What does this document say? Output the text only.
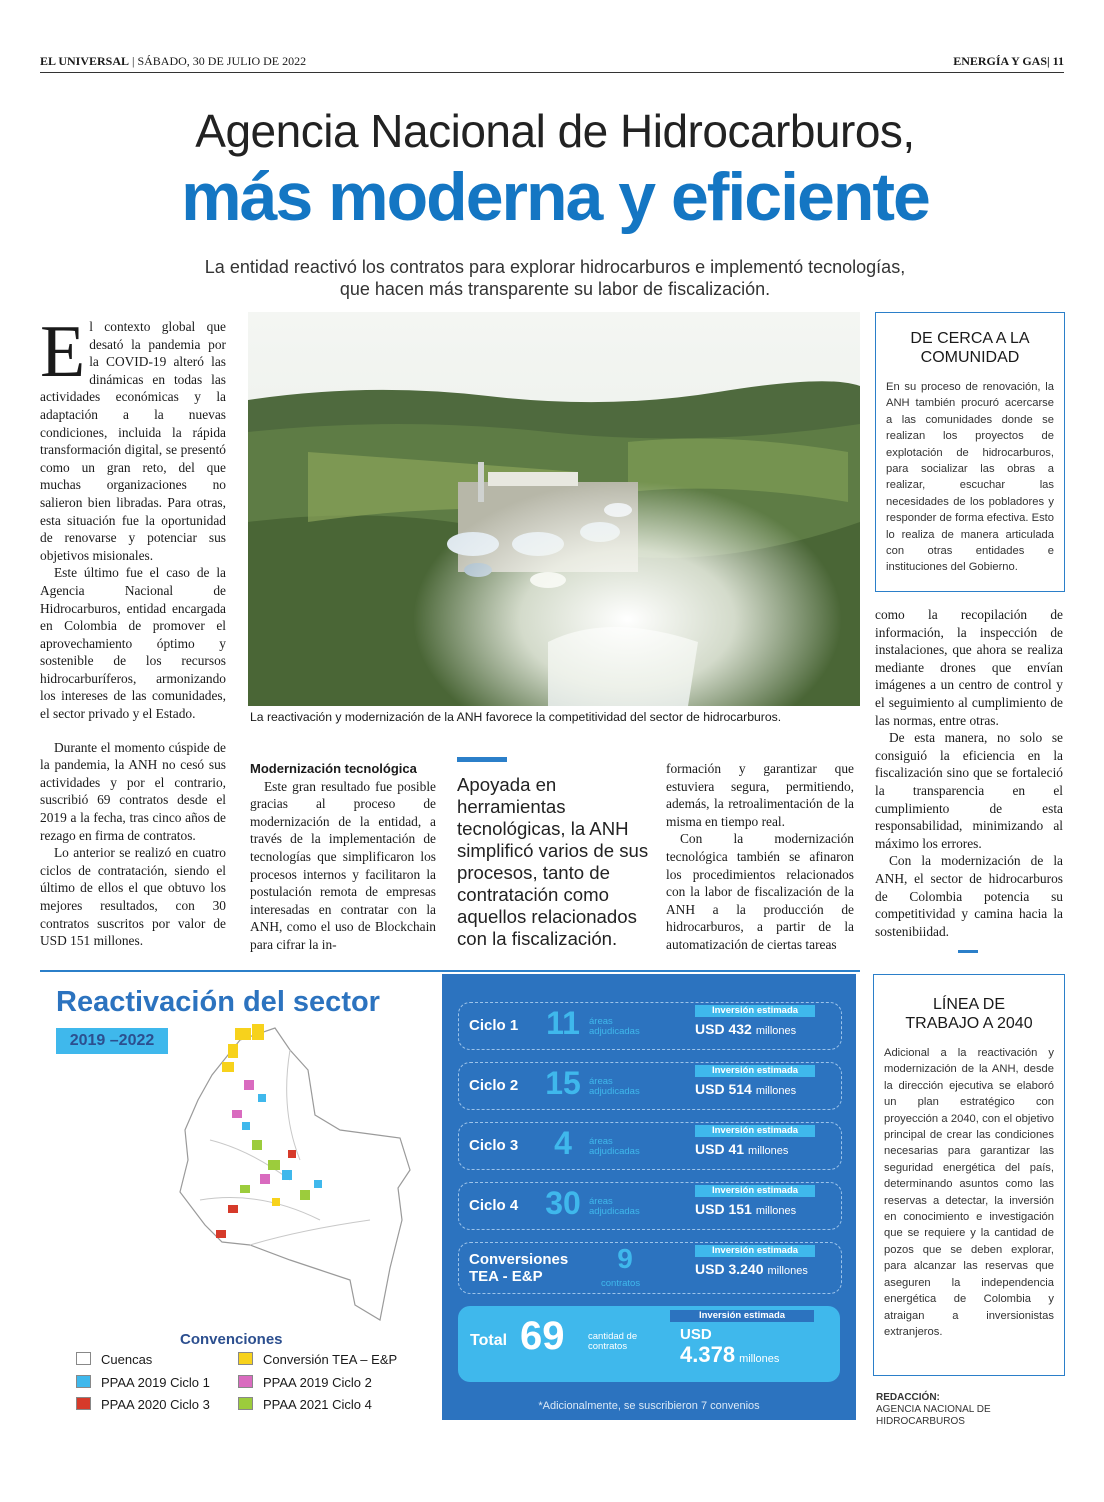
EL UNIVERSAL | SÁBADO, 30 DE JULIO DE 2022	ENERGÍA Y GAS| 11
Agencia Nacional de Hidrocarburos,
más moderna y eficiente
La entidad reactivó los contratos para explorar hidrocarburos e implementó tecnologías,
que hacen más transparente su labor de fiscalización.

El contexto global que desató la pandemia por la COVID-19 alteró las dinámicas en todas las actividades económicas y la adaptación a la nuevas condiciones, incluida la rápida transformación digital, se presentó como un gran reto, del que muchas organizaciones no salieron bien libradas. Para otras, esta situación fue la oportunidad de renovarse y potenciar sus objetivos misionales.

Este último fue el caso de la Agencia Nacional de Hidrocarburos, entidad encargada en Colombia de promover el aprovechamiento óptimo y sostenible de los recursos hidrocarburíferos, armonizando los intereses de las comunidades, el sector privado y el Estado.

Durante el momento cúspide de la pandemia, la ANH no cesó sus actividades y por el contrario, suscribió 69 contratos desde el 2019 a la fecha, tras cinco años de rezago en firma de contratos.

Lo anterior se realizó en cuatro ciclos de contratación, siendo el último de ellos el que obtuvo los mejores resultados, con 30 contratos suscritos por valor de USD 151 millones.

La reactivación y modernización de la ANH favorece la competitividad del sector de hidrocarburos.
DE CERCA A LA COMUNIDAD
En su proceso de renovación, la ANH también procuró acercarse a las comunidades donde se realizan los proyectos de explotación de hidrocarburos, para socializar las obras a realizar, escuchar las necesidades de los pobladores y responder de forma efectiva. Esto lo realiza de manera articulada con otras entidades e instituciones del Gobierno.
Modernización tecnológica

Este gran resultado fue posible gracias al proceso de modernización de la entidad, a través de la implementación de tecnologías que simplificaron los procesos internos y facilitaron la postulación remota de empresas interesadas en contratar con la ANH, como el uso de Blockchain para cifrar la in-

Apoyada en herramientas tecnológicas, la ANH simplificó varios de sus procesos, tanto de contratación como aquellos relacionados con la fiscalización.

formación y garantizar que estuviera segura, permitiendo, además, la retroalimentación de la misma en tiempo real.

Con la modernización tecnológica también se afinaron los procedimientos relacionados con la labor de fiscalización de la ANH a la producción de hidrocarburos, a partir de la automatización de ciertas tareas

como la recopilación de información, la inspección de instalaciones, que ahora se realiza mediante drones que envían imágenes a un centro de control y el seguimiento al cumplimiento de las normas, entre otras.

De esta manera, no solo se consiguió la eficiencia en la fiscalización sino que se fortaleció la transparencia en el cumplimiento de esta responsabilidad, minimizando al máximo los errores.

Con la modernización de la ANH, el sector de hidrocarburos de Colombia potencia su competitividad y camina hacia la sostenibiidad.

Reactivación del sector
2019 –2022
Convenciones
Cuencas	Conversión TEA – E&P
PPAA 2019 Ciclo 1	PPAA 2019 Ciclo 2
PPAA 2020 Ciclo 3	PPAA 2021 Ciclo 4
Ciclo 1 11 áreas
adjudicadas
Inversión estimada
USD 432 millones
Ciclo 2 15 áreas
adjudicadas
Inversión estimada
USD 514 millones
Ciclo 3	4	áreas
adjudicadas
Inversión estimada
USD 41 millones
Ciclo 4 30 áreas
adjudicadas
Inversión estimada
USD 151 millones
Conversiones
TEA - E&P
9
contratos
Inversión estimada
USD 3.240 millones
Total 69 cantidad de
contratos
Inversión estimada
USD
4.378 millones
*Adicionalmente, se suscribieron 7 convenios
LÍNEA DE TRABAJO A 2040
Adicional a la reactivación y modernización de la ANH, desde la dirección ejecutiva se elaboró un plan estratégico con proyección a 2040, con el objetivo principal de crear las condiciones necesarias para garantizar las seguridad energética del país, determinando asuntos como las reservas a detectar, la inversión en conocimiento e investigación que se requiere y la cantidad de pozos que se deben explorar, para alcanzar las reservas que aseguren la independencia energética de Colombia y atraigan a inversionistas extranjeros.
REDACCIÓN:
AGENCIA NACIONAL DE HIDROCARBUROS
